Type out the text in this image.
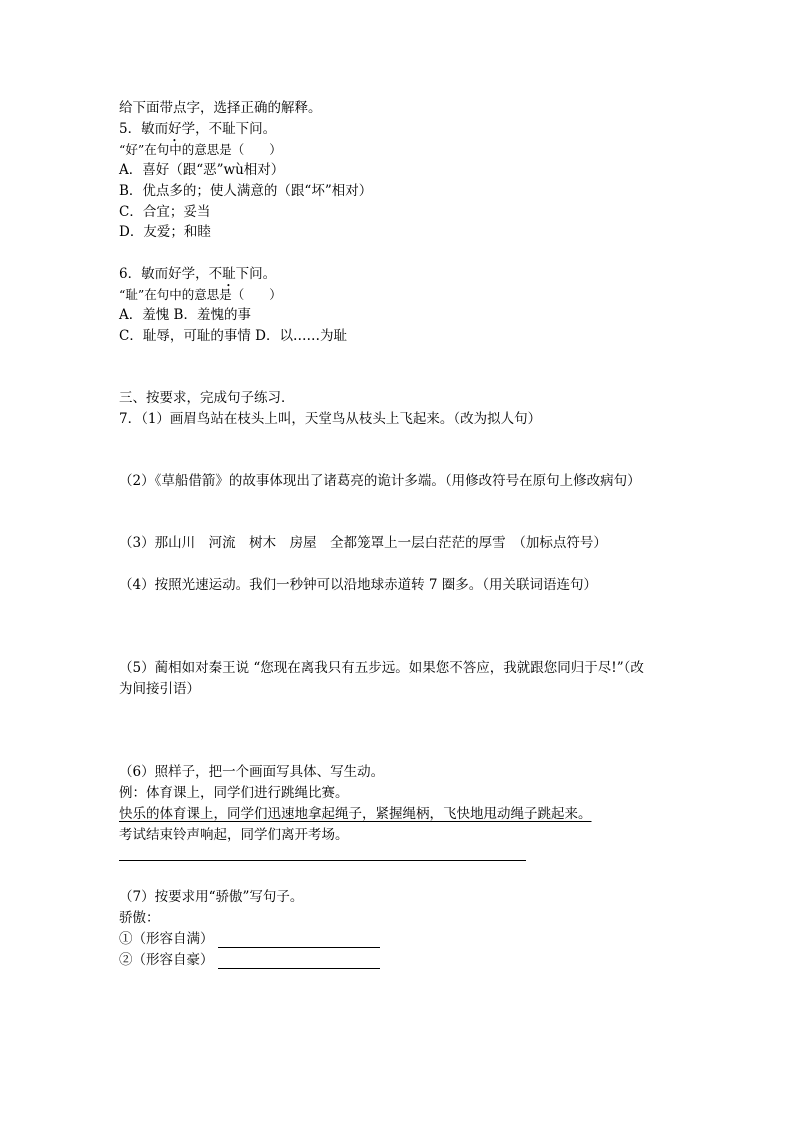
给下面带点字，选择正确的解释。
5．敏而好学，不耻下问。
“好”在句中的意思是（　　）
A．喜好（跟“恶”wù相对）
B．优点多的；使人满意的（跟“坏”相对）
C．合宜；妥当
D．友爱；和睦
6．敏而好学，不耻下问。
“耻”在句中的意思是（　　）
A．羞愧 B．羞愧的事
C．耻辱，可耻的事情 D．以……为耻
三、按要求，完成句子练习．
7．（1）画眉鸟站在枝头上叫，天堂鸟从枝头上飞起来。（改为拟人句）
（2）《草船借箭》的故事体现出了诸葛亮的诡计多端。（用修改符号在原句上修改病句）
（3）那山川　河流　树木　房屋　全都笼罩上一层白茫茫的厚雪　（加标点符号）
（4）按照光速运动。我们一秒钟可以沿地球赤道转 7 圈多。（用关联词语连句）
（5）蔺相如对秦王说 “您现在离我只有五步远。如果您不答应，我就跟您同归于尽!”（改
为间接引语）
（6）照样子，把一个画面写具体、写生动。
例：体育课上，同学们进行跳绳比赛。
快乐的体育课上，同学们迅速地拿起绳子，紧握绳柄，飞快地甩动绳子跳起来。
考试结束铃声响起，同学们离开考场。
（7）按要求用“骄傲”写句子。
骄傲：
①（形容自满）
②（形容自豪）
